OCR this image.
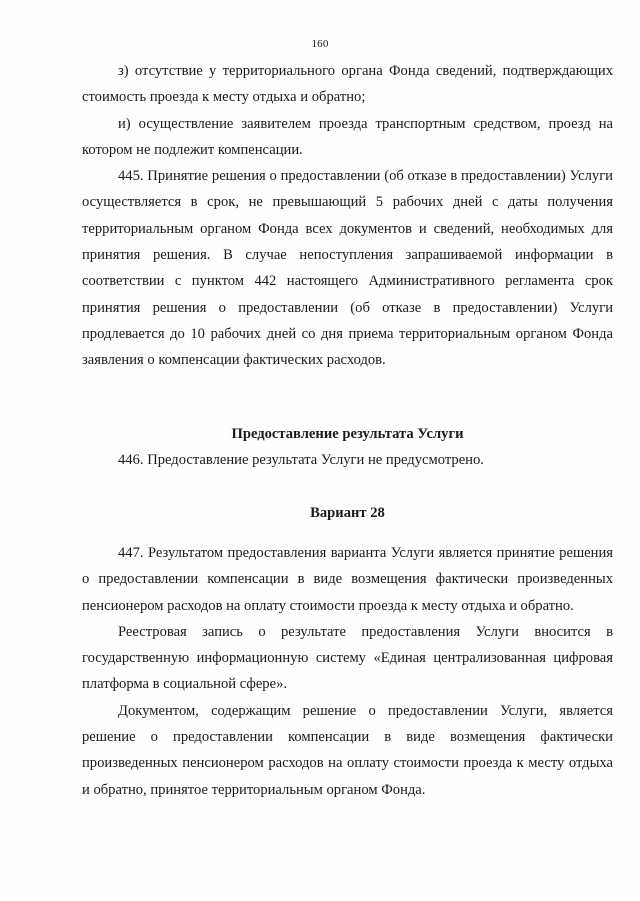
160

з) отсутствие у территориального органа Фонда сведений, подтверждающих стоимость проезда к месту отдыха и обратно;

и) осуществление заявителем проезда транспортным средством, проезд на котором не подлежит компенсации.

445. Принятие решения о предоставлении (об отказе в предоставлении) Услуги осуществляется в срок, не превышающий 5 рабочих дней с даты получения территориальным органом Фонда всех документов и сведений, необходимых для принятия решения. В случае непоступления запрашиваемой информации в соответствии с пунктом 442 настоящего Административного регламента срок принятия решения о предоставлении (об отказе в предоставлении) Услуги продлевается до 10 рабочих дней со дня приема территориальным органом Фонда заявления о компенсации фактических расходов.

Предоставление результата Услуги

446. Предоставление результата Услуги не предусмотрено.

Вариант 28

447. Результатом предоставления варианта Услуги является принятие решения о предоставлении компенсации в виде возмещения фактически произведенных пенсионером расходов на оплату стоимости проезда к месту отдыха и обратно.

Реестровая запись о результате предоставления Услуги вносится в государственную информационную систему «Единая централизованная цифровая платформа в социальной сфере».

Документом, содержащим решение о предоставлении Услуги, является решение о предоставлении компенсации в виде возмещения фактически произведенных пенсионером расходов на оплату стоимости проезда к месту отдыха и обратно, принятое территориальным органом Фонда.
